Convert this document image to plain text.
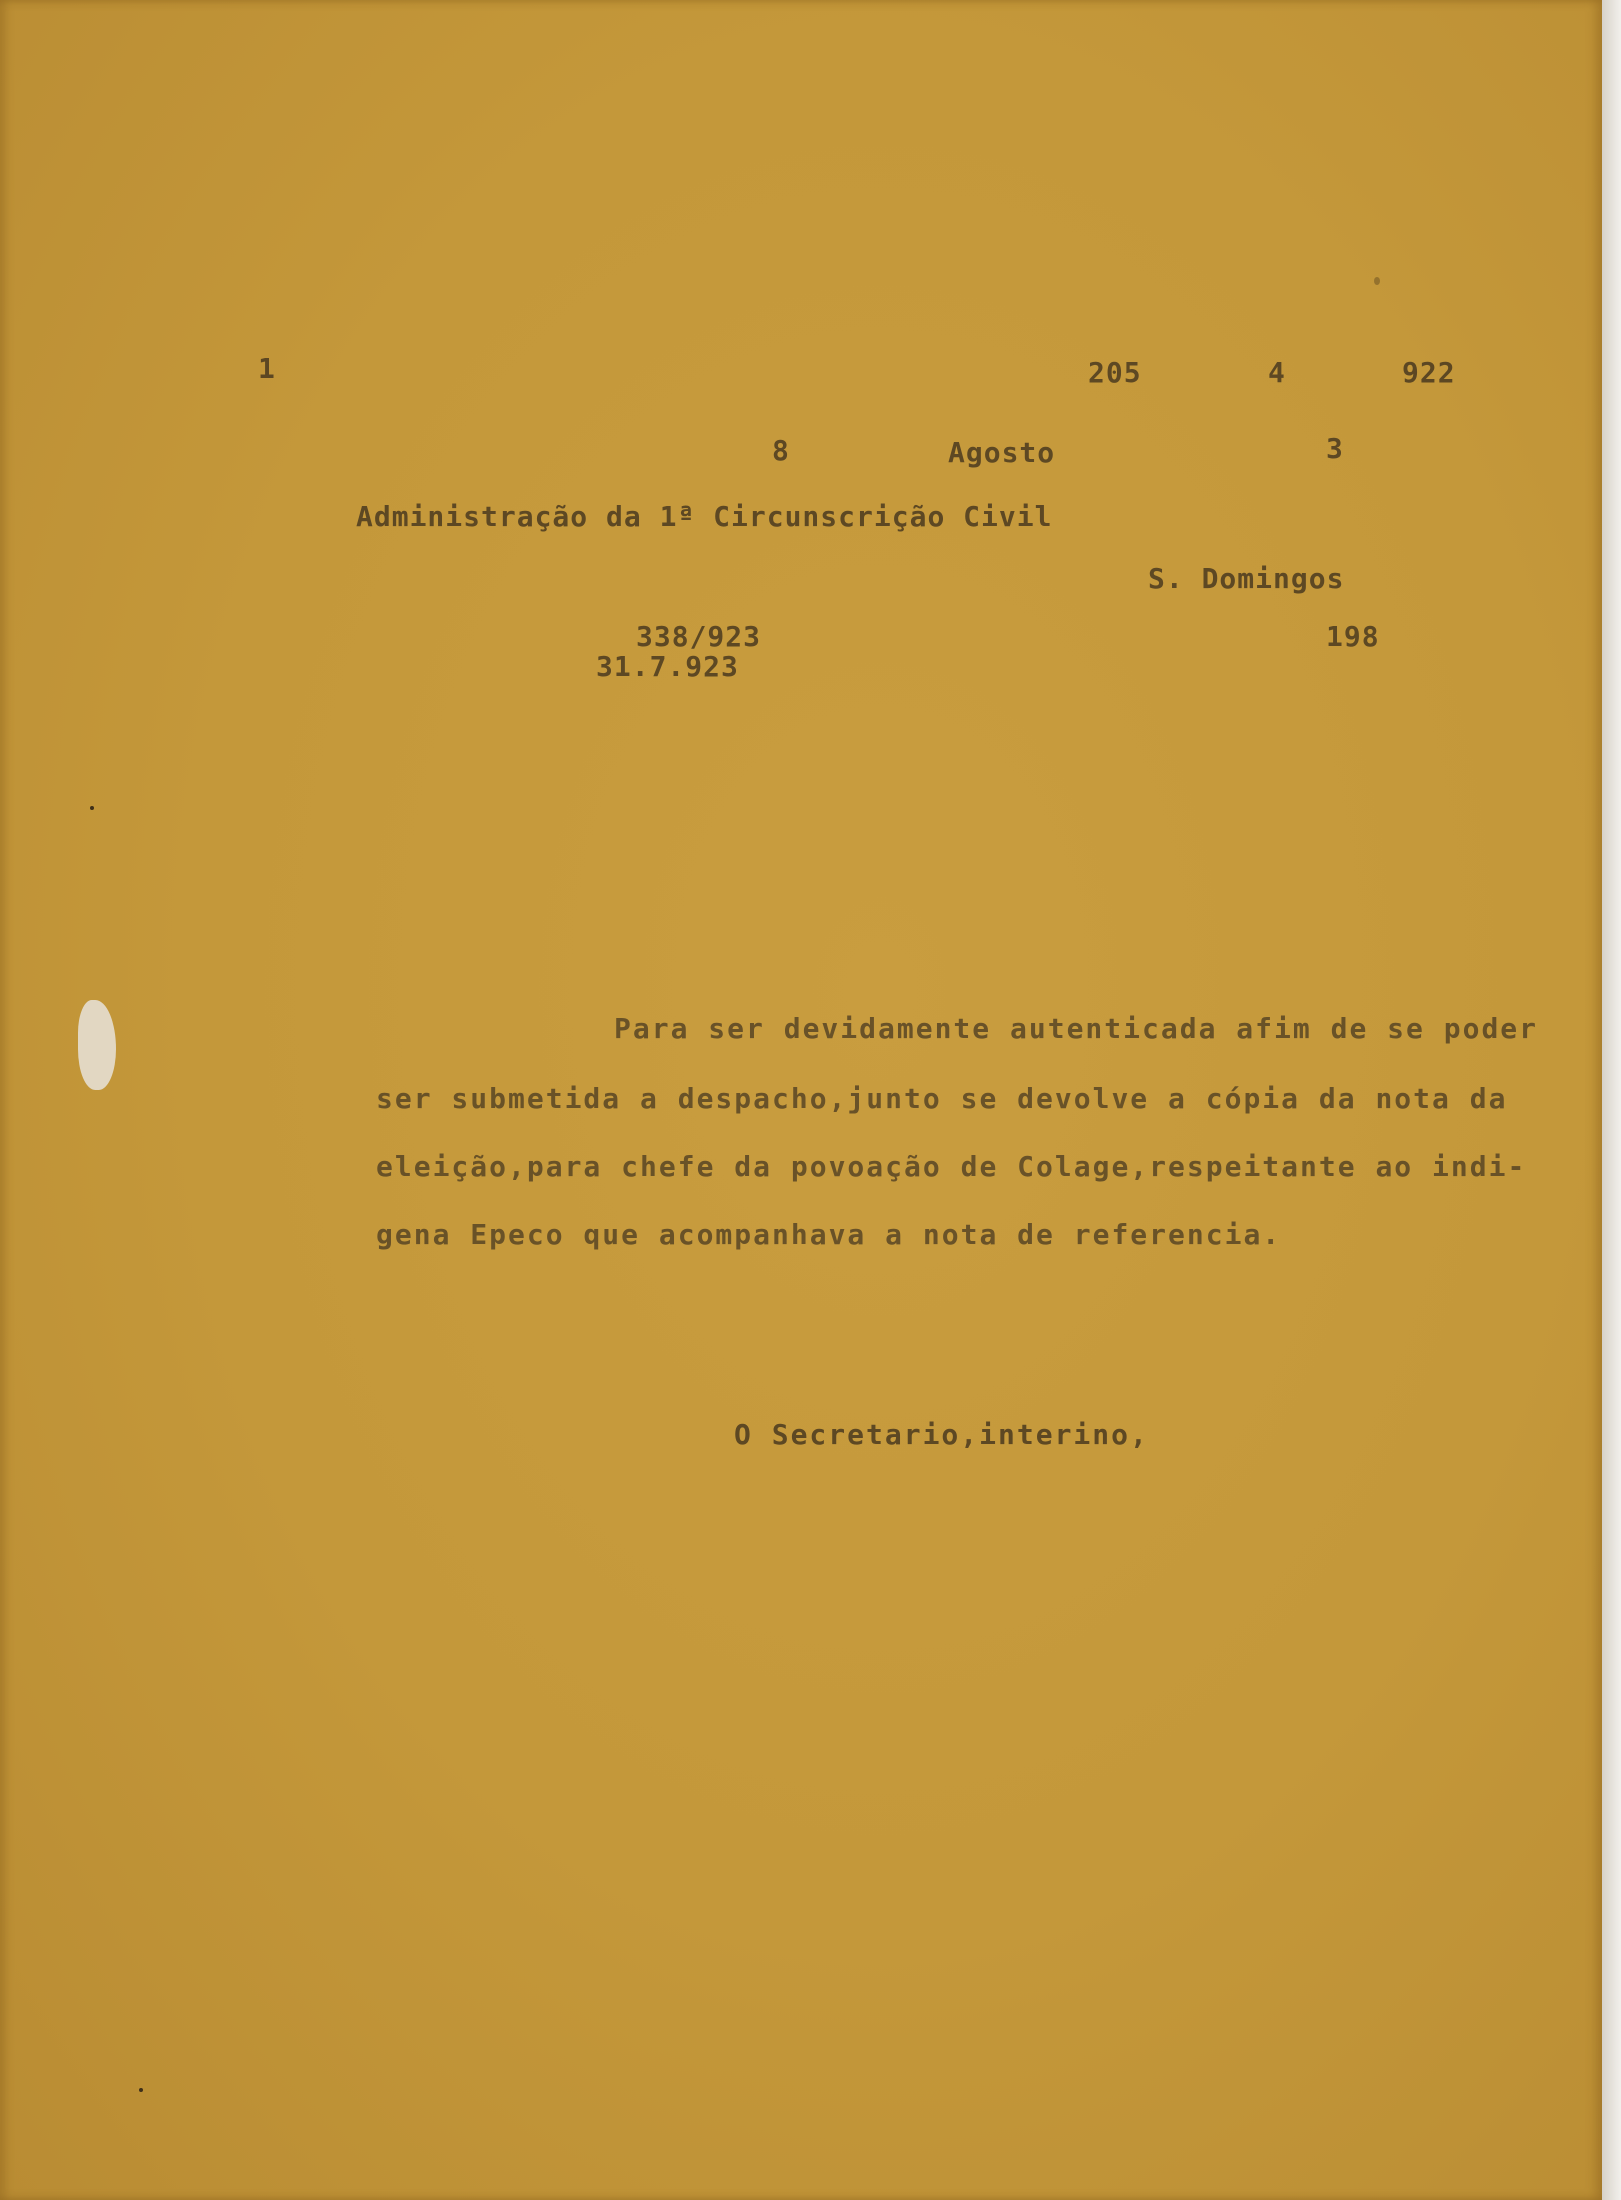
1	205	4	922
8	Agosto	3
Administração da 1ª Circunscrição Civil
S. Domingos
338/923
31.7.923
198
Para ser devidamente autenticada afim de se poder
ser submetida a despacho,junto se devolve a cópia da nota da
eleição,para chefe da povoação de Colage,respeitante ao indi-
gena Epeco que acompanhava a nota de referencia.
O Secretario,interino,
